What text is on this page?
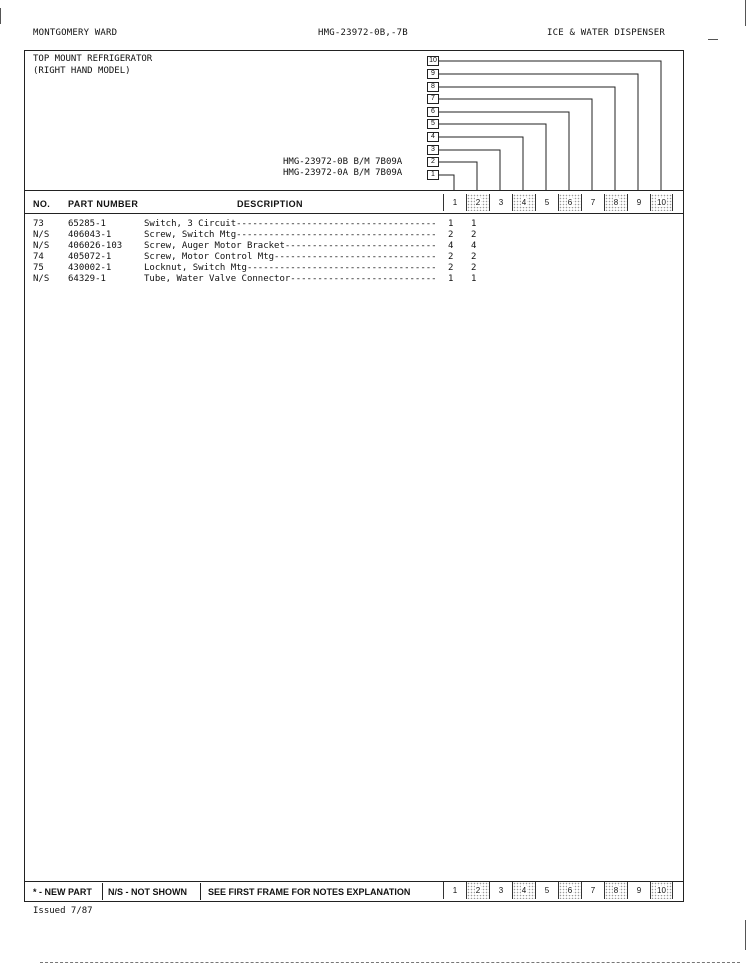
MONTGOMERY WARD	HMG-23972-0B,-7B	ICE & WATER DISPENSER
TOP MOUNT REFRIGERATOR
(RIGHT HAND MODEL)
HMG-23972-0B B/M 7B09A
HMG-23972-0A B/M 7B09A
10
9
8
7
6
5
4
3
2
1
NO. PART NUMBER	DESCRIPTION	1 2 3 4 5 6 7 8 9 10
73	65285-1	Switch, 3 Circuit------------------------------------- 1 1
N/S 406043-1	Screw, Switch Mtg------------------------------------- 2 2
N/S 406026-103 Screw, Auger Motor Bracket---------------------------- 4 4
74	405072-1	Screw, Motor Control Mtg------------------------------ 2 2
75	430002-1	Locknut, Switch Mtg----------------------------------- 2 2
N/S 64329-1	Tube, Water Valve Connector--------------------------- 1 1
* - NEW PART	N/S - NOT SHOWN	SEE FIRST FRAME FOR NOTES EXPLANATION	1 2 3 4 5 6 7 8 9 10
Issued 7/87
